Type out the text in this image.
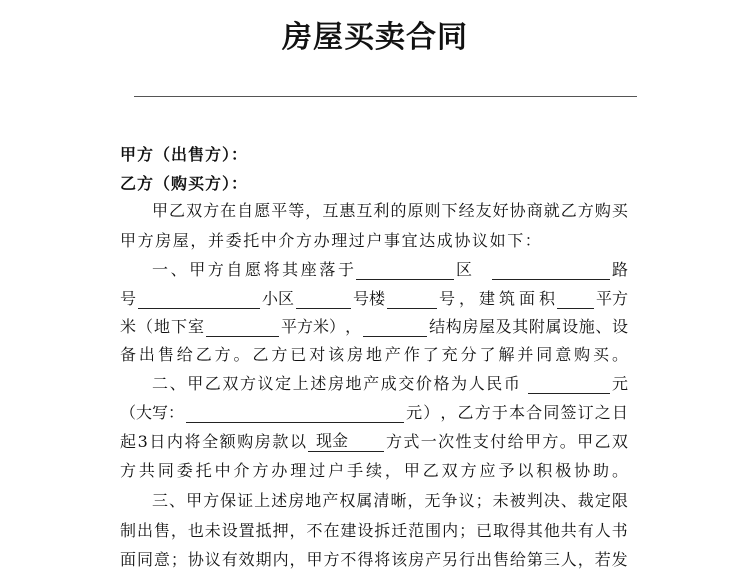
房屋买卖合同
甲方（出售方）：
乙方（购买方）：
甲 乙 双 方 在 自 愿 平 等 ， 互 惠 互 利 的 原 则 下 经 友 好 协 商 就 乙 方 购 买
甲方房屋，并委托中介方办理过户事宜达成协议如下：
一 、 甲 方 自 愿 将 其 座 落 于	区	路
号	小区	号楼	号 ， 建 筑 面 积	平方
米 （ 地 下 室	平 方 米 ） ，	结 构 房 屋 及 其 附 属 设 施 、 设
备 出 售 给 乙 方 。 乙 方 已 对 该 房 地 产 作 了 充 分 了 解 并 同 意 购 买 。
二 、 甲 乙 双 方 议 定 上 述 房 地 产 成 交 价 格 为 人 民 币	元
（ 大 写 ：	元 ） ， 乙 方 于 本 合 同 签 订 之 日
起 3 日 内 将 全 额 购 房 款 以 现金	方 式 一 次 性 支 付 给 甲 方 。 甲 乙 双
方 共 同 委 托 中 介 方 办 理 过 户 手 续 ， 甲 乙 双 方 应 予 以 积 极 协 助 。
三 、 甲 方 保 证 上 述 房 地 产 权 属 清 晰 ， 无 争 议 ； 未 被 判 决 、 裁 定 限
制 出 售 ， 也 未 设 置 抵 押 ， 不 在 建 设 拆 迁 范 围 内 ； 已 取 得 其 他 共 有 人 书
面 同 意 ； 协 议 有 效 期 内 ， 甲 方 不 得 将 该 房 产 另 行 出 售 给 第 三 人 ， 若 发
